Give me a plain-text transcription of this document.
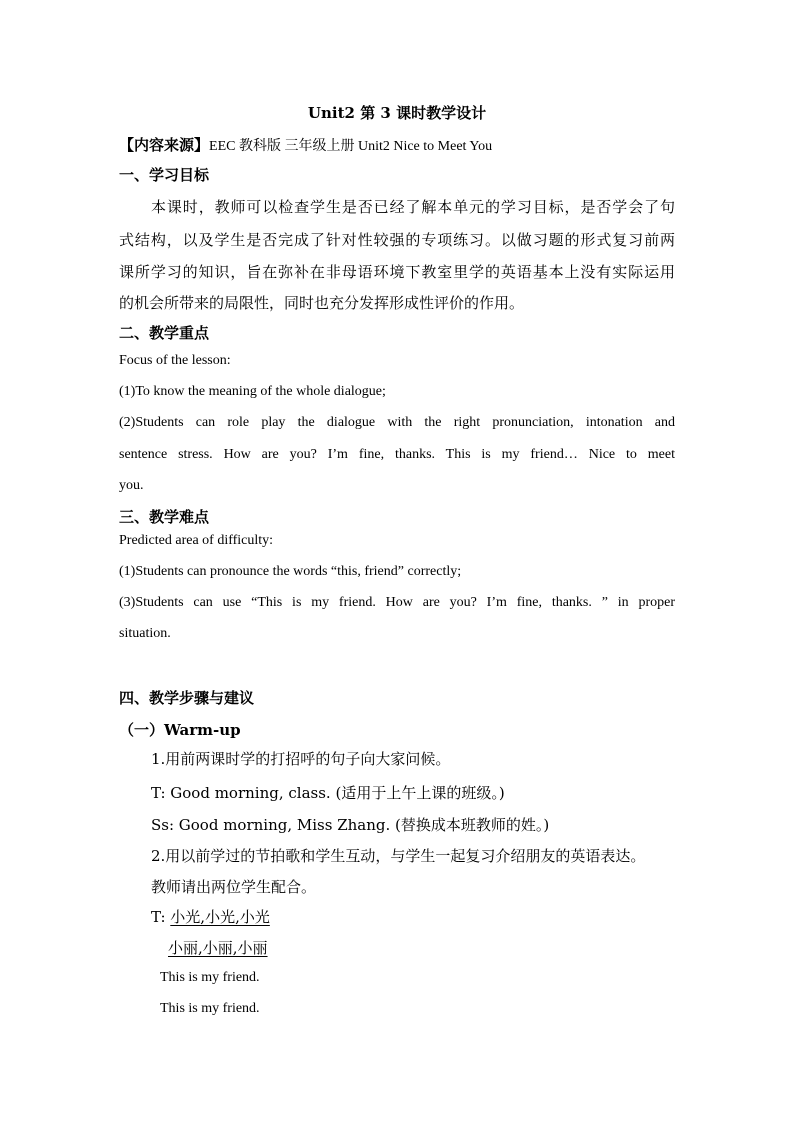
Unit2 第 3 课时教学设计
【内容来源】EEC 教科版 三年级上册 Unit2 Nice to Meet You
一、学习目标
本课时，教师可以检查学生是否已经了解本单元的学习目标，是否学会了句
式结构，以及学生是否完成了针对性较强的专项练习。以做习题的形式复习前两
课所学习的知识，旨在弥补在非母语环境下教室里学的英语基本上没有实际运用
的机会所带来的局限性，同时也充分发挥形成性评价的作用。
二、教学重点
Focus of the lesson:
(1)To know the meaning of the whole dialogue;
(2)Students can role play the dialogue with the right pronunciation, intonation and
sentence stress. How are you? I’m fine, thanks. This is my friend… Nice to meet
you.
三、教学难点
Predicted area of difficulty:
(1)Students can pronounce the words “this, friend” correctly;
(3)Students can use “This is my friend. How are you? I’m fine, thanks. ” in proper
situation.
四、教学步骤与建议
（一）Warm-up
1.用前两课时学的打招呼的句子向大家问候。
T: Good morning, class. (适用于上午上课的班级。)
Ss: Good morning, Miss Zhang. (替换成本班教师的姓。)
2.用以前学过的节拍歌和学生互动，与学生一起复习介绍朋友的英语表达。
教师请出两位学生配合。
T: 小光,小光,小光
小丽,小丽,小丽
This is my friend.
This is my friend.
